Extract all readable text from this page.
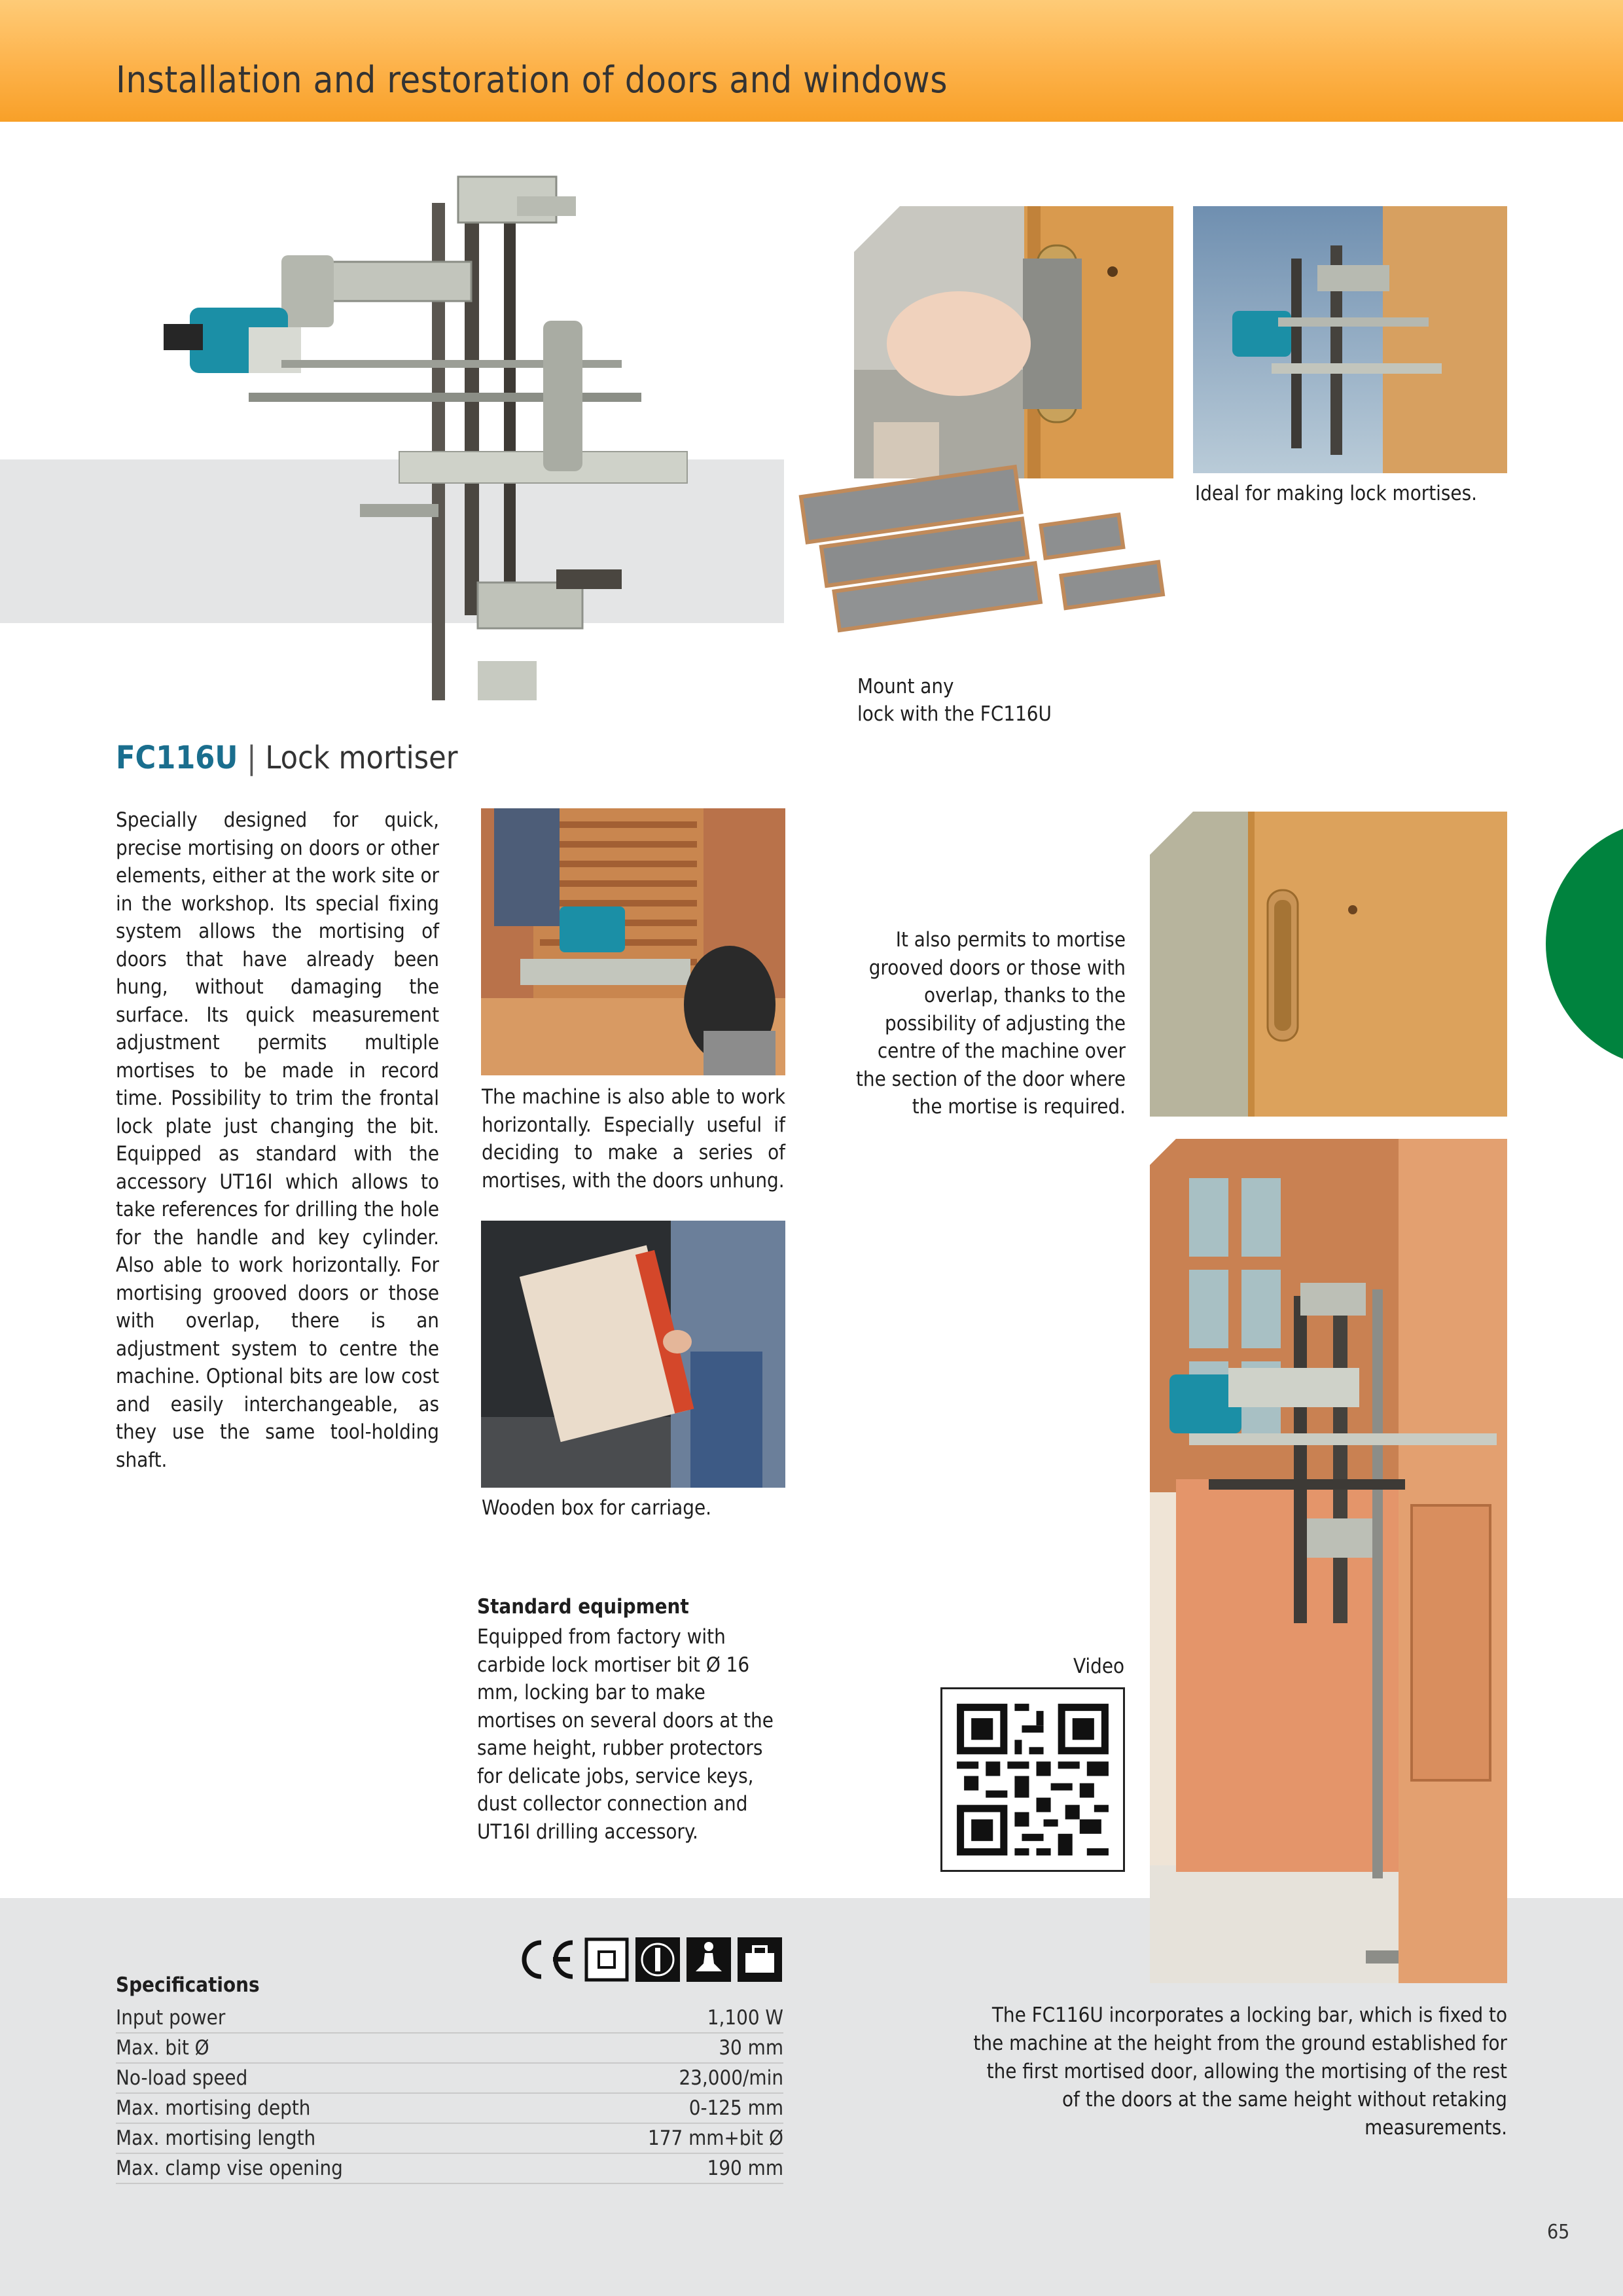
Installation and restoration of doors and windows
Ideal for making lock mortises.
Mount any
lock with the FC116U
FC116U | Lock mortiser
Specially designed for quick, precise mortising on doors or other elements, either at the work site or in the workshop. Its special fixing system allows the mortising of doors that have already been hung, without damaging the surface. Its quick measurement adjustment permits multiple mortises to be made in record time. Possibility to trim the frontal lock plate just changing the bit. Equipped as standard with the accessory UT16I which allows to take references for drilling the hole for the handle and key cylinder. Also able to work horizontally. For mortising grooved doors or those with overlap, there is an adjustment system to centre the machine. Optional bits are low cost and easily interchangeable, as they use the same tool-holding shaft.
The machine is also able to work horizontally. Especially useful if deciding to make a series of mortises, with the doors unhung.
Wooden box for carriage.
It also permits to mortise grooved doors or those with overlap, thanks to the possibility of adjusting the centre of the machine over the section of the door where the mortise is required.
Standard equipment
Equipped from factory with carbide lock mortiser bit Ø 16 mm, locking bar to make mortises on several doors at the same height, rubber protectors for delicate jobs, service keys, dust collector connection and UT16I drilling accessory.
Video
The FC116U incorporates a locking bar, which is fixed to the machine at the height from the ground established for the first mortised door, allowing the mortising of the rest of the doors at the same height without retaking measurements.
Specifications
Input power	1,100 W
Max. bit Ø	30 mm
No-load speed	23,000/min
Max. mortising depth	0-125 mm
Max. mortising length	177 mm+bit Ø
Max. clamp vise opening	190 mm
65
